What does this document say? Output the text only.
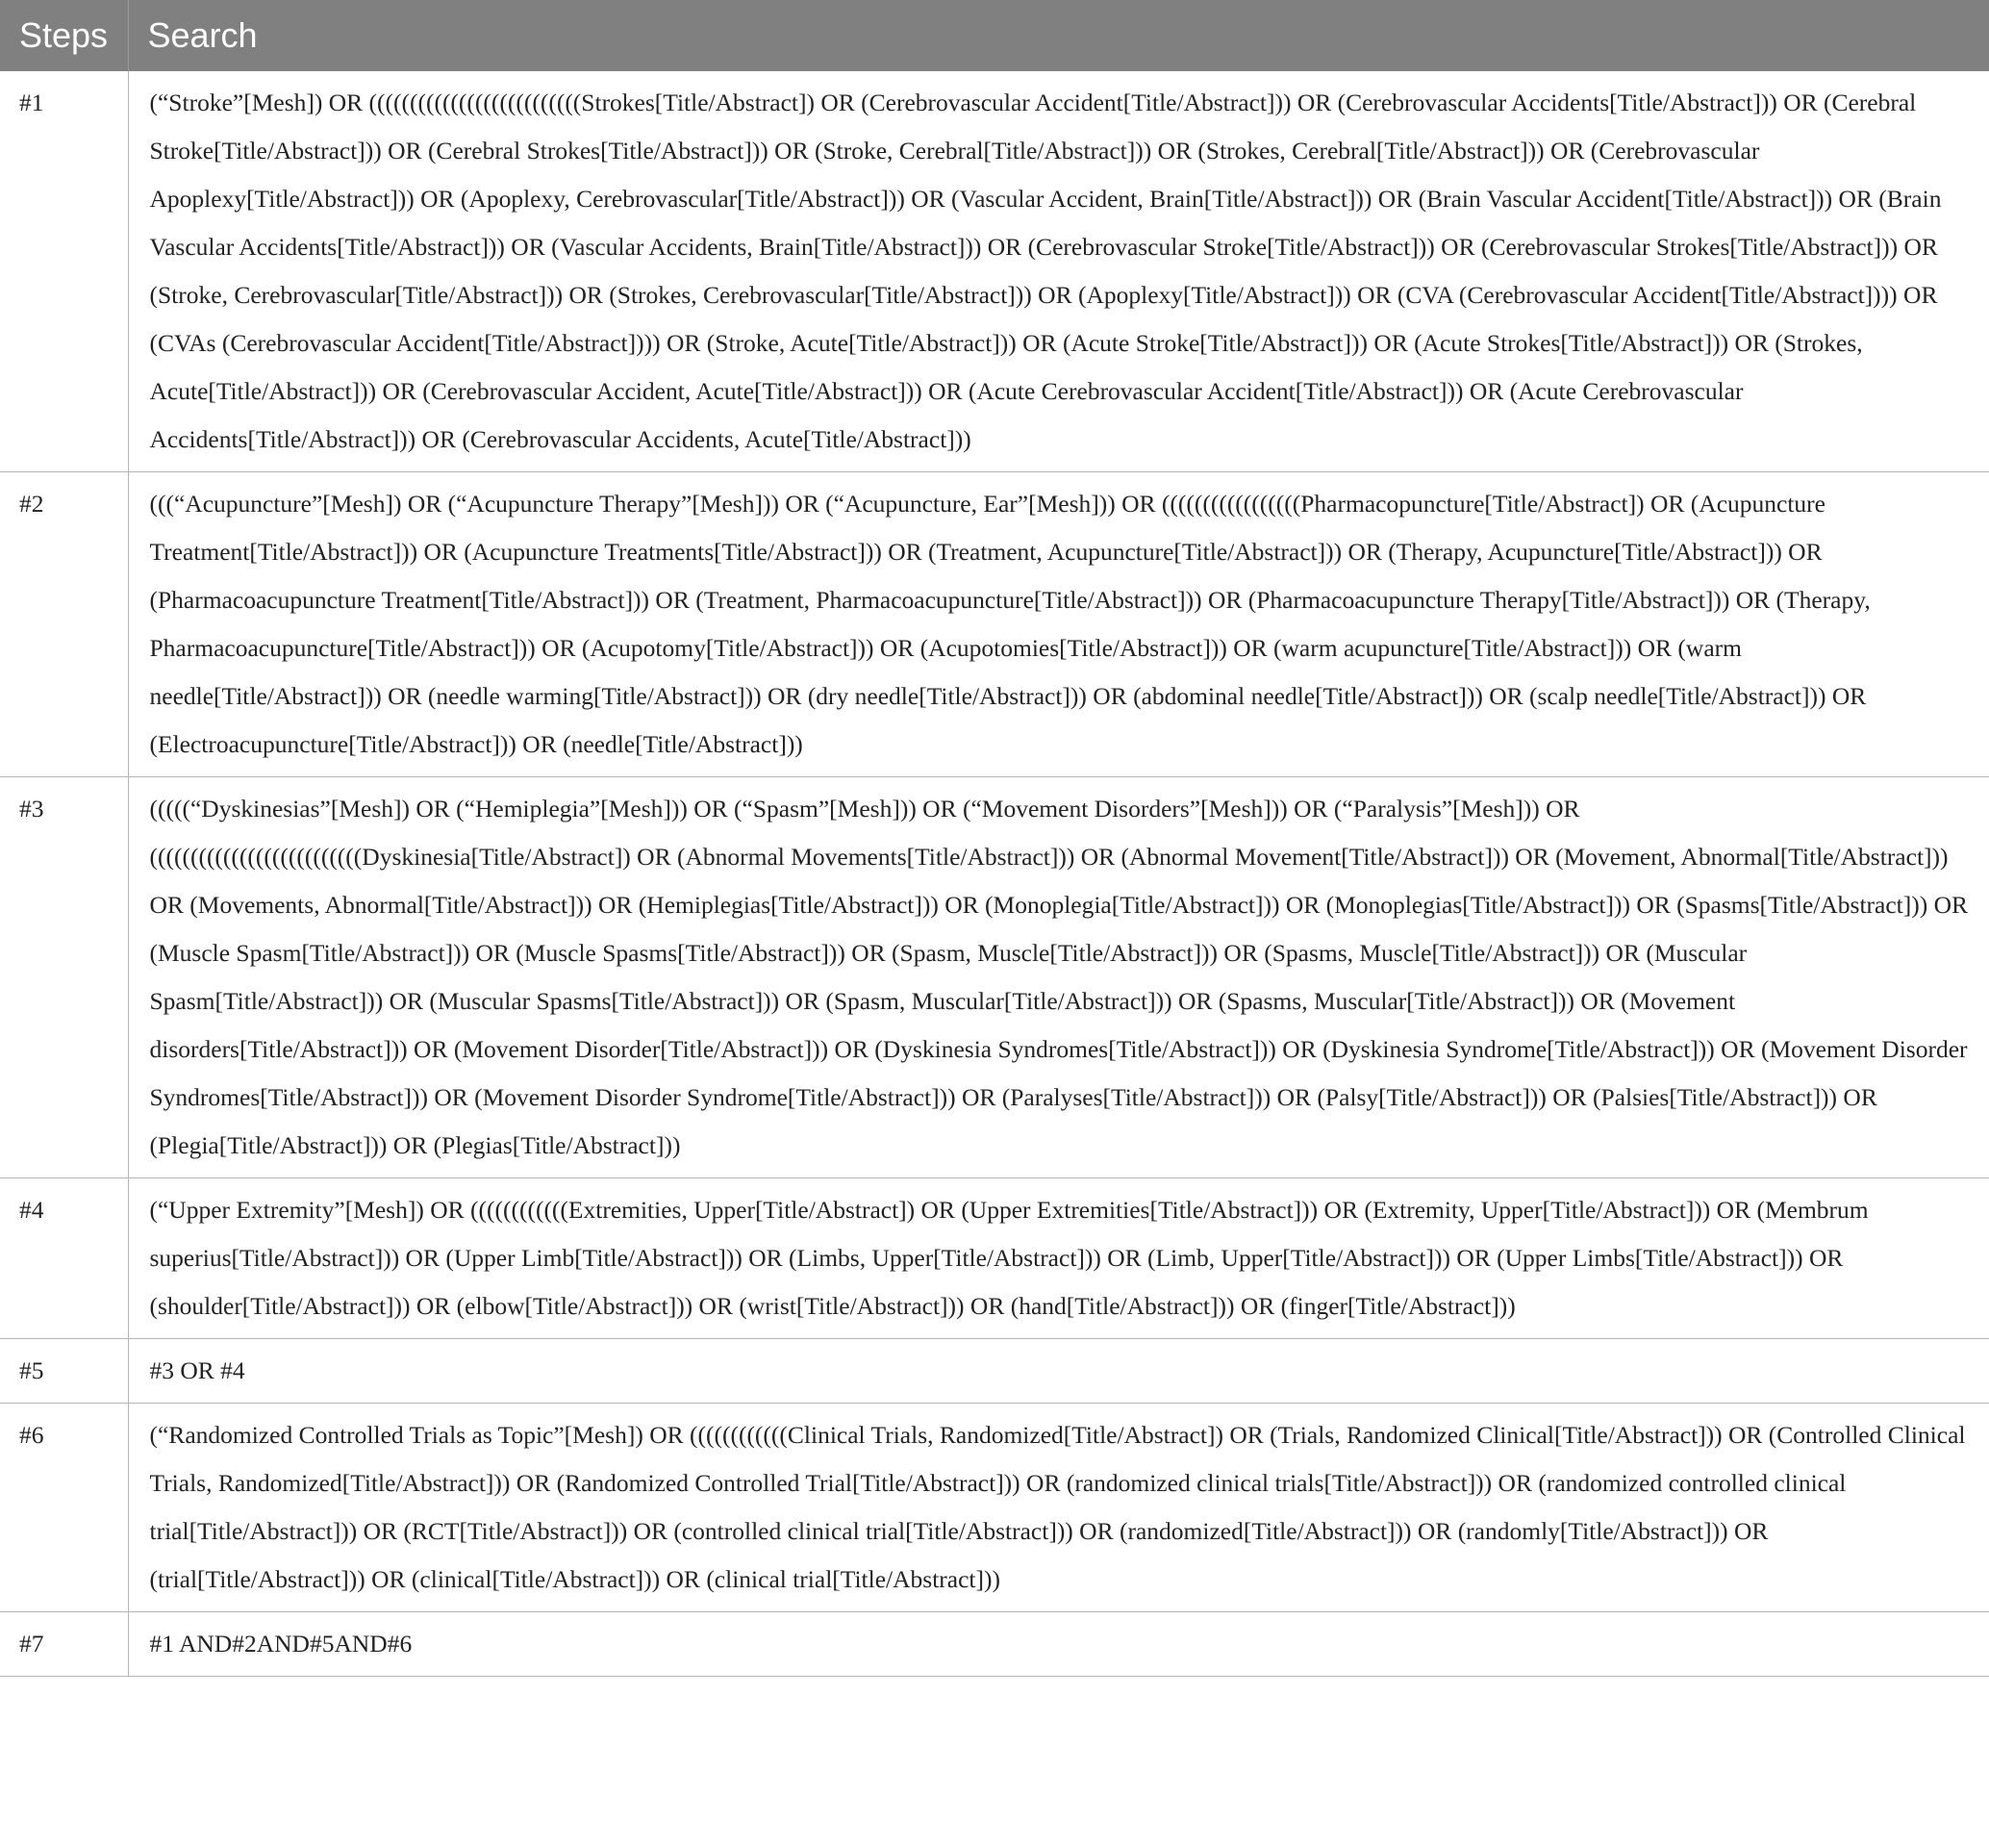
Steps	Search
#1	(“Stroke”[Mesh]) OR ((((((((((((((((((((((((((Strokes[Title/Abstract]) OR (Cerebrovascular Accident[Title/Abstract])) OR (Cerebrovascular Accidents[Title/Abstract])) OR (Cerebral Stroke[Title/Abstract])) OR (Cerebral Strokes[Title/Abstract])) OR (Stroke, Cerebral[Title/Abstract])) OR (Strokes, Cerebral[Title/Abstract])) OR (Cerebrovascular Apoplexy[Title/Abstract])) OR (Apoplexy, Cerebrovascular[Title/Abstract])) OR (Vascular Accident, Brain[Title/Abstract])) OR (Brain Vascular Accident[Title/Abstract])) OR (Brain Vascular Accidents[Title/Abstract])) OR (Vascular Accidents, Brain[Title/Abstract])) OR (Cerebrovascular Stroke[Title/Abstract])) OR (Cerebrovascular Strokes[Title/Abstract])) OR (Stroke, Cerebrovascular[Title/Abstract])) OR (Strokes, Cerebrovascular[Title/Abstract])) OR (Apoplexy[Title/Abstract])) OR (CVA (Cerebrovascular Accident[Title/Abstract]))) OR (CVAs (Cerebrovascular Accident[Title/Abstract]))) OR (Stroke, Acute[Title/Abstract])) OR (Acute Stroke[Title/Abstract])) OR (Acute Strokes[Title/Abstract])) OR (Strokes, Acute[Title/Abstract])) OR (Cerebrovascular Accident, Acute[Title/Abstract])) OR (Acute Cerebrovascular Accident[Title/Abstract])) OR (Acute Cerebrovascular Accidents[Title/Abstract])) OR (Cerebrovascular Accidents, Acute[Title/Abstract]))
#2	(((“Acupuncture”[Mesh]) OR (“Acupuncture Therapy”[Mesh])) OR (“Acupuncture, Ear”[Mesh])) OR (((((((((((((((((Pharmacopuncture[Title/Abstract]) OR (Acupuncture Treatment[Title/Abstract])) OR (Acupuncture Treatments[Title/Abstract])) OR (Treatment, Acupuncture[Title/Abstract])) OR (Therapy, Acupuncture[Title/Abstract])) OR (Pharmacoacupuncture Treatment[Title/Abstract])) OR (Treatment, Pharmacoacupuncture[Title/Abstract])) OR (Pharmacoacupuncture Therapy[Title/Abstract])) OR (Therapy, Pharmacoacupuncture[Title/Abstract])) OR (Acupotomy[Title/Abstract])) OR (Acupotomies[Title/Abstract])) OR (warm acupuncture[Title/Abstract])) OR (warm needle[Title/Abstract])) OR (needle warming[Title/Abstract])) OR (dry needle[Title/Abstract])) OR (abdominal needle[Title/Abstract])) OR (scalp needle[Title/Abstract])) OR (Electroacupuncture[Title/Abstract])) OR (needle[Title/Abstract]))
#3	(((((“Dyskinesias”[Mesh]) OR (“Hemiplegia”[Mesh])) OR (“Spasm”[Mesh])) OR (“Movement Disorders”[Mesh])) OR (“Paralysis”[Mesh])) OR ((((((((((((((((((((((((((Dyskinesia[Title/Abstract]) OR (Abnormal Movements[Title/Abstract])) OR (Abnormal Movement[Title/Abstract])) OR (Movement, Abnormal[Title/Abstract])) OR (Movements, Abnormal[Title/Abstract])) OR (Hemiplegias[Title/Abstract])) OR (Monoplegia[Title/Abstract])) OR (Monoplegias[Title/Abstract])) OR (Spasms[Title/Abstract])) OR (Muscle Spasm[Title/Abstract])) OR (Muscle Spasms[Title/Abstract])) OR (Spasm, Muscle[Title/Abstract])) OR (Spasms, Muscle[Title/Abstract])) OR (Muscular Spasm[Title/Abstract])) OR (Muscular Spasms[Title/Abstract])) OR (Spasm, Muscular[Title/Abstract])) OR (Spasms, Muscular[Title/Abstract])) OR (Movement disorders[Title/Abstract])) OR (Movement Disorder[Title/Abstract])) OR (Dyskinesia Syndromes[Title/Abstract])) OR (Dyskinesia Syndrome[Title/Abstract])) OR (Movement Disorder Syndromes[Title/Abstract])) OR (Movement Disorder Syndrome[Title/Abstract])) OR (Paralyses[Title/Abstract])) OR (Palsy[Title/Abstract])) OR (Palsies[Title/Abstract])) OR (Plegia[Title/Abstract])) OR (Plegias[Title/Abstract]))
#4	(“Upper Extremity”[Mesh]) OR ((((((((((((Extremities, Upper[Title/Abstract]) OR (Upper Extremities[Title/Abstract])) OR (Extremity, Upper[Title/Abstract])) OR (Membrum superius[Title/Abstract])) OR (Upper Limb[Title/Abstract])) OR (Limbs, Upper[Title/Abstract])) OR (Limb, Upper[Title/Abstract])) OR (Upper Limbs[Title/Abstract])) OR (shoulder[Title/Abstract])) OR (elbow[Title/Abstract])) OR (wrist[Title/Abstract])) OR (hand[Title/Abstract])) OR (finger[Title/Abstract]))
#5	#3 OR #4
#6	(“Randomized Controlled Trials as Topic”[Mesh]) OR ((((((((((((Clinical Trials, Randomized[Title/Abstract]) OR (Trials, Randomized Clinical[Title/Abstract])) OR (Controlled Clinical Trials, Randomized[Title/Abstract])) OR (Randomized Controlled Trial[Title/Abstract])) OR (randomized clinical trials[Title/Abstract])) OR (randomized controlled clinical trial[Title/Abstract])) OR (RCT[Title/Abstract])) OR (controlled clinical trial[Title/Abstract])) OR (randomized[Title/Abstract])) OR (randomly[Title/Abstract])) OR (trial[Title/Abstract])) OR (clinical[Title/Abstract])) OR (clinical trial[Title/Abstract]))
#7	#1 AND#2AND#5AND#6
